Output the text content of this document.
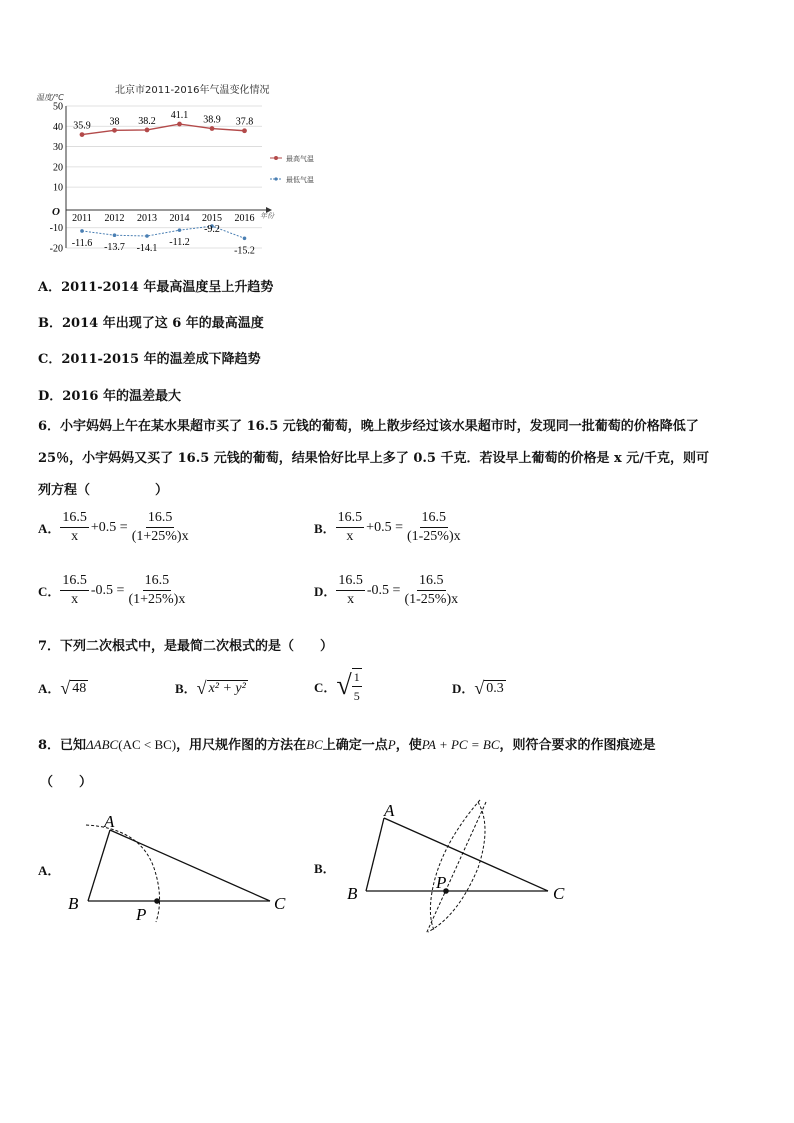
北京市2011-2016年气温变化情况
温度/℃
50
40
30
20
10
-10
-20
O	年份
2011 2012 2013 2014 2015 2016
35.9 38 38.2
41.1 38.9 37.8
-11.6 -13.7 -14.1
-11.2
-9.2
-15.2
最高气温
最低气温
A．2011-2014 年最高温度呈上升趋势
B．2014 年出现了这 6 年的最高温度
C．2011-2015 年的温差成下降趋势
D．2016 年的温差最大
6．小宇妈妈上午在某水果超市买了 16.5 元钱的葡萄，晚上散步经过该水果超市时，发现同一批葡萄的价格降低了
25％，小宇妈妈又买了 16.5 元钱的葡萄，结果恰好比早上多了 0.5 千克．若设早上葡萄的价格是 x 元/千克，则可
列方程（　　　　　）
A． $\frac{16.5}{x} +0.5 = \frac{16.5}{(1+25\%)x}$	B． $\frac{16.5}{x} +0.5 = \frac{16.5}{(1-25\%)x}$
C． $\frac{16.5}{x} -0.5 = \frac{16.5}{(1+25\%)x}$	D． $\frac{16.5}{x} -0.5 = \frac{16.5}{(1-25\%)x}$
7．下列二次根式中，是最简二次根式的是（　　）
A． √ 48	B． √ x² + y²	C． √ $\frac{1}{5}$	D． √ 0.3
8．已知 ΔABC (AC < BC) ，用尺规作图的方法在 BC 上确定一点 P ，使 PA + PC = BC ，则符合要求的作图痕迹是
（　　）
A．
A
B	C
P
B．
A
B	C
P
